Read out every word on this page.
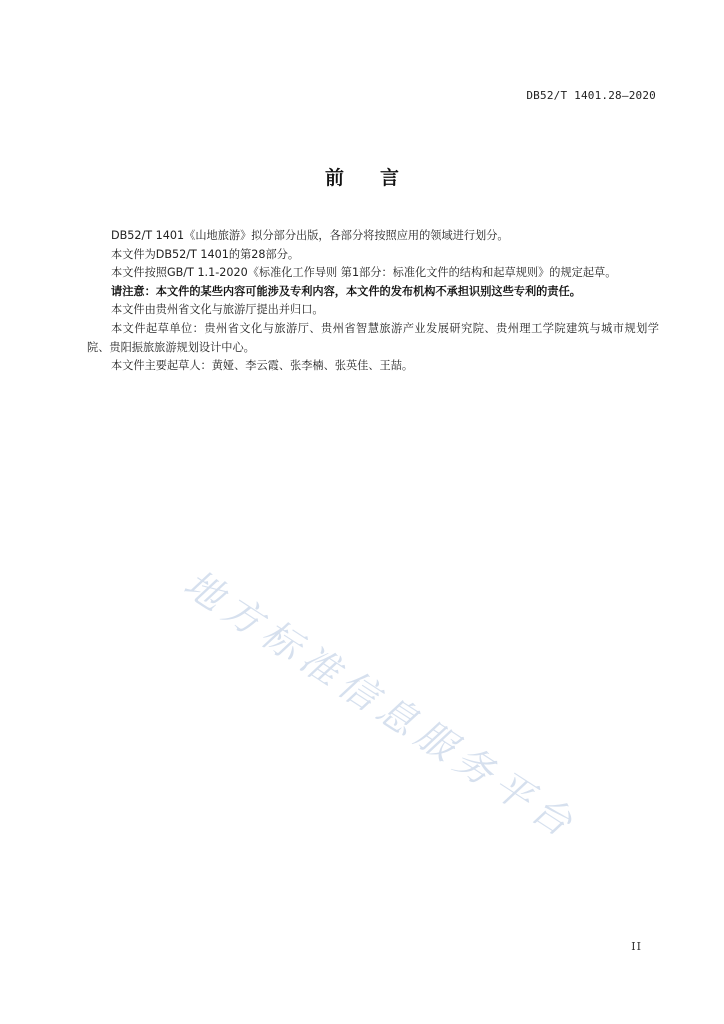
DB52/T 1401.28—2020
前 言

DB52/T 1401《山地旅游》拟分部分出版，各部分将按照应用的领域进行划分。

本文件为DB52/T 1401的第28部分。

本文件按照GB/T 1.1-2020《标准化工作导则 第1部分：标准化文件的结构和起草规则》的规定起草。

请注意：本文件的某些内容可能涉及专利内容，本文件的发布机构不承担识别这些专利的责任。

本文件由贵州省文化与旅游厅提出并归口。

本文件起草单位：贵州省文化与旅游厅、贵州省智慧旅游产业发展研究院、贵州理工学院建筑与城市规划学院、贵阳振旅旅游规划设计中心。

本文件主要起草人：黄娅、李云霞、张李楠、张英佳、王喆。

地方标准信息服务平台
II
